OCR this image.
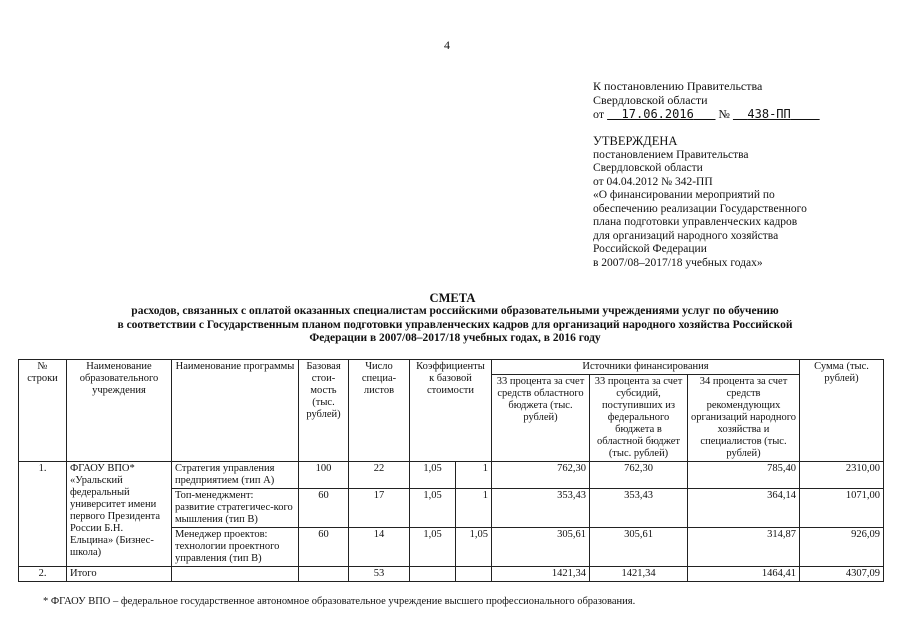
4
К постановлению Правительства
Свердловской области
от 17.06.2016 № 438-ПП
УТВЕРЖДЕНА
постановлением Правительства
Свердловской области
от 04.04.2012 № 342-ПП
«О финансировании мероприятий по
обеспечению реализации Государственного
плана подготовки управленческих кадров
для организаций народного хозяйства
Российской Федерации
в 2007/08–2017/18 учебных годах»
СМЕТА
расходов, связанных с оплатой оказанных специалистам российскими образовательными учреждениями услуг по обучению
в соответствии с Государственным планом подготовки управленческих кадров для организаций народного хозяйства Российской
Федерации в 2007/08–2017/18 учебных годах, в 2016 году
№ строки	Наименование образовательного учреждения	Наименование программы	Базовая стои-мость (тыс. рублей)	Число специа-листов	Коэффициенты к базовой стоимости		Источники финансирования			Сумма (тыс. рублей)
							33 процента за счет средств областного бюджета (тыс. рублей)	33 процента за счет субсидий, поступивших из федерального бюджета в областной бюджет (тыс. рублей)	34 процента за счет средств рекомендующих организаций народного хозяйства и специалистов (тыс. рублей)	
1.	ФГАОУ ВПО* «Уральский федеральный университет имени первого Президента России Б.Н. Ельцина» (Бизнес-школа)	Стратегия управления предприятием (тип А)	100	22	1,05	1	762,30	762,30	785,40	2310,00
		Топ-менеджмент: развитие стратегичес-кого мышления (тип В)	60	17	1,05	1	353,43	353,43	364,14	1071,00
		Менеджер проектов: технологии проектного управления (тип В)	60	14	1,05	1,05	305,61	305,61	314,87	926,09
2.	Итого			53			1421,34	1421,34	1464,41	4307,09
* ФГАОУ ВПО – федеральное государственное автономное образовательное учреждение высшего профессионального образования.
